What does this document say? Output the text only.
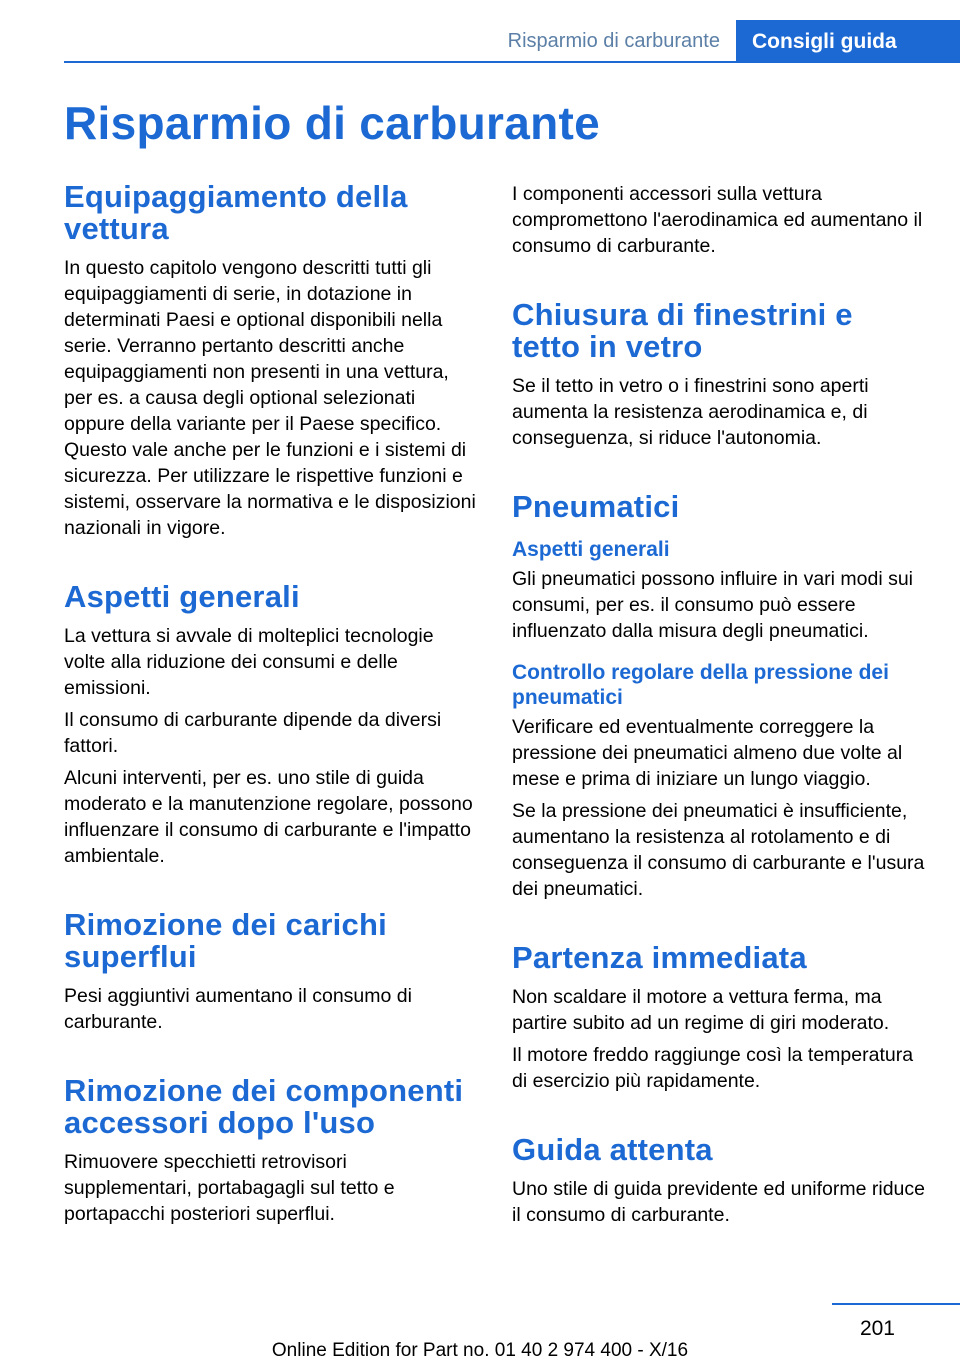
Risparmio di carburante Consigli guida
Risparmio di carburante
Equipaggiamento della vettura

In questo capitolo vengono descritti tutti gli equipaggiamenti di serie, in dotazione in determinati Paesi e optional disponibili nella serie. Verranno pertanto descritti anche equipaggiamenti non presenti in una vettura, per es. a causa degli optional selezionati oppure della variante per il Paese specifico. Questo vale anche per le funzioni e i sistemi di sicurezza. Per utilizzare le rispettive funzioni e sistemi, osservare la normativa e le disposizioni nazionali in vigore.

Aspetti generali

La vettura si avvale di molteplici tecnologie volte alla riduzione dei consumi e delle emissioni.

Il consumo di carburante dipende da diversi fattori.

Alcuni interventi, per es. uno stile di guida moderato e la manutenzione regolare, possono influenzare il consumo di carburante e l'impatto ambientale.

Rimozione dei carichi superflui

Pesi aggiuntivi aumentano il consumo di carburante.

Rimozione dei componenti accessori dopo l'uso

Rimuovere specchietti retrovisori supplementari, portabagagli sul tetto e portapacchi posteriori superflui.

I componenti accessori sulla vettura compromettono l'aerodinamica ed aumentano il consumo di carburante.

Chiusura di finestrini e tetto in vetro

Se il tetto in vetro o i finestrini sono aperti aumenta la resistenza aerodinamica e, di conseguenza, si riduce l'autonomia.

Pneumatici
Aspetti generali

Gli pneumatici possono influire in vari modi sui consumi, per es. il consumo può essere influenzato dalla misura degli pneumatici.

Controllo regolare della pressione dei pneumatici

Verificare ed eventualmente correggere la pressione dei pneumatici almeno due volte al mese e prima di iniziare un lungo viaggio.

Se la pressione dei pneumatici è insufficiente, aumentano la resistenza al rotolamento e di conseguenza il consumo di carburante e l'usura dei pneumatici.

Partenza immediata

Non scaldare il motore a vettura ferma, ma partire subito ad un regime di giri moderato.

Il motore freddo raggiunge così la temperatura di esercizio più rapidamente.

Guida attenta

Uno stile di guida previdente ed uniforme riduce il consumo di carburante.

201
Online Edition for Part no. 01 40 2 974 400 - X/16
